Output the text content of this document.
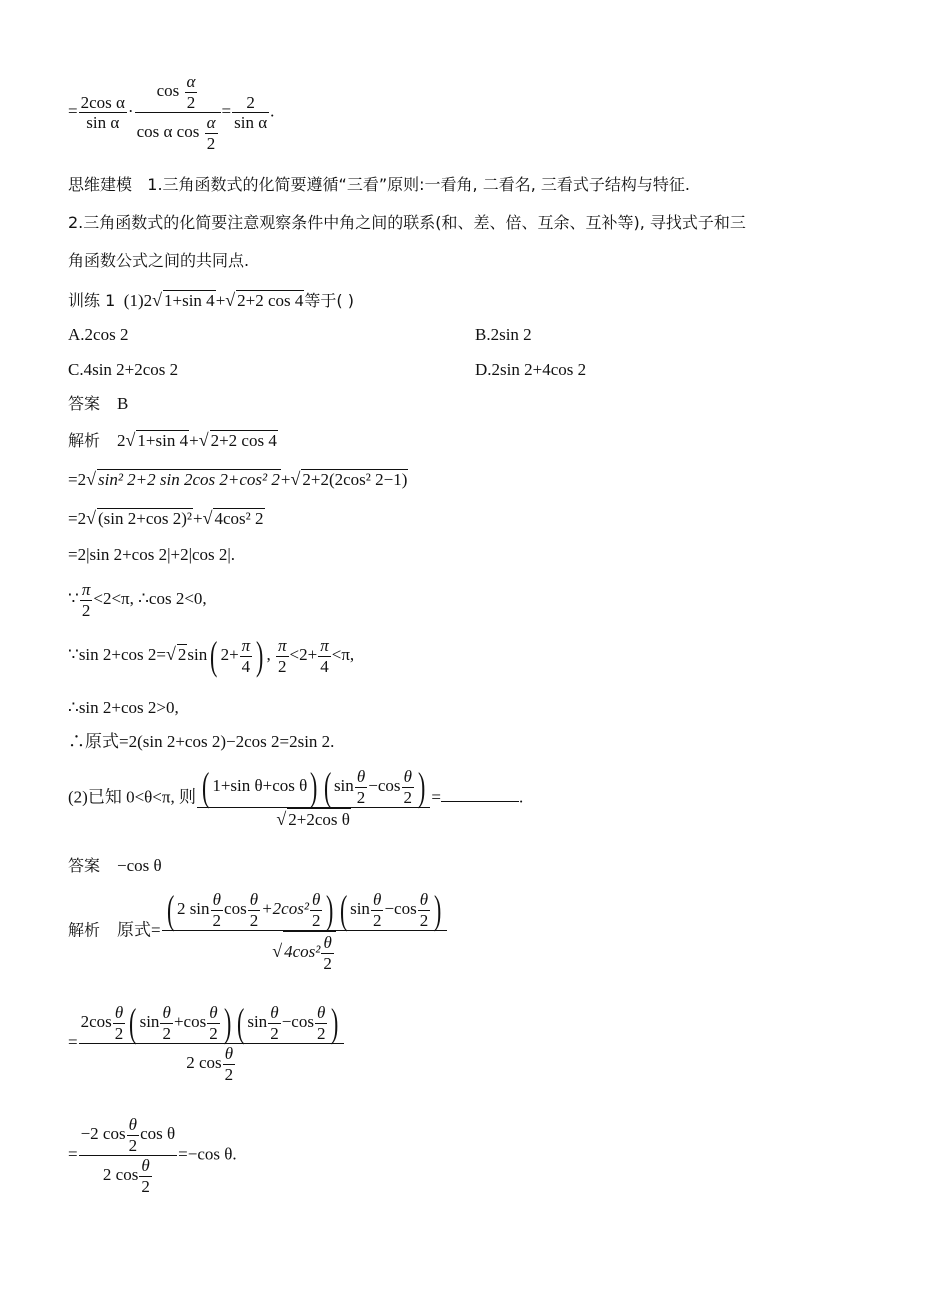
= $\frac{\text{2cos α}}{\text{sin α}} \cdot \frac{\cos \frac{\alpha}{2}}{\cos \alpha \cos \frac{\alpha}{2}} = \frac{2}{\text{sin α}}$ .
思维建模 1.三角函数式的化简要遵循“三看”原则:一看角, 二看名, 三看式子结构与特征.
2.三角函数式的化简要注意观察条件中角之间的联系(和、差、倍、互余、互补等), 寻找式子和三
角函数公式之间的共同点.
训练 1 (1)2√ 1+sin 4+√ 2+2 cos 4等于( )
A.2cos 2	B.2sin 2
C.4sin 2+2cos 2	D.2sin 2+4cos 2
答案 B
解析 2√ 1+sin 4+√ 2+2 cos 4
=2√ sin² 2+2 sin 2cos 2+cos² 2+√ 2+2(2cos² 2−1)
=2√ (sin 2+cos 2)²+√ 4cos² 2
=2|sin 2+cos 2|+2|cos 2|.
∵ $\frac{\pi}{2} <2<\pi$, ∴cos 2<0,
∵sin 2+cos 2=√ 2sin( $2+ \frac{\pi}{4}$ ) , $\frac{\pi}{2} <2+ \frac{\pi}{4} <\pi$,
∴sin 2+cos 2>0,
∴原式=2(sin 2+cos 2)−2cos 2=2sin 2.
(2)已知 0<θ<π, 则 $\frac{( 1+\sin \theta+\cos \theta) ( \sin \frac{\theta}{2} -\cos \frac{\theta}{2} )}{\text{√ 2+2cos θ}}$ =	.
答案 −cos θ
解析 原式= $\frac{( 2 \sin \frac{\theta}{2} \cos \frac{\theta}{2} +2\cos^2 \frac{\theta}{2} ) ( \sin \frac{\theta}{2} -\cos \frac{\theta}{2} )}{√ 4\cos^2 \frac{\theta}{2}}$
= $\frac{2\cos \frac{\theta}{2} ( \sin \frac{\theta}{2} +\cos \frac{\theta}{2} ) ( \sin \frac{\theta}{2} -\cos \frac{\theta}{2} )}{2 \cos \frac{\theta}{2}}$
= $\frac{-2 \cos \frac{\theta}{2} \cos \theta}{2 \cos \frac{\theta}{2}} =-\cos$ θ.
